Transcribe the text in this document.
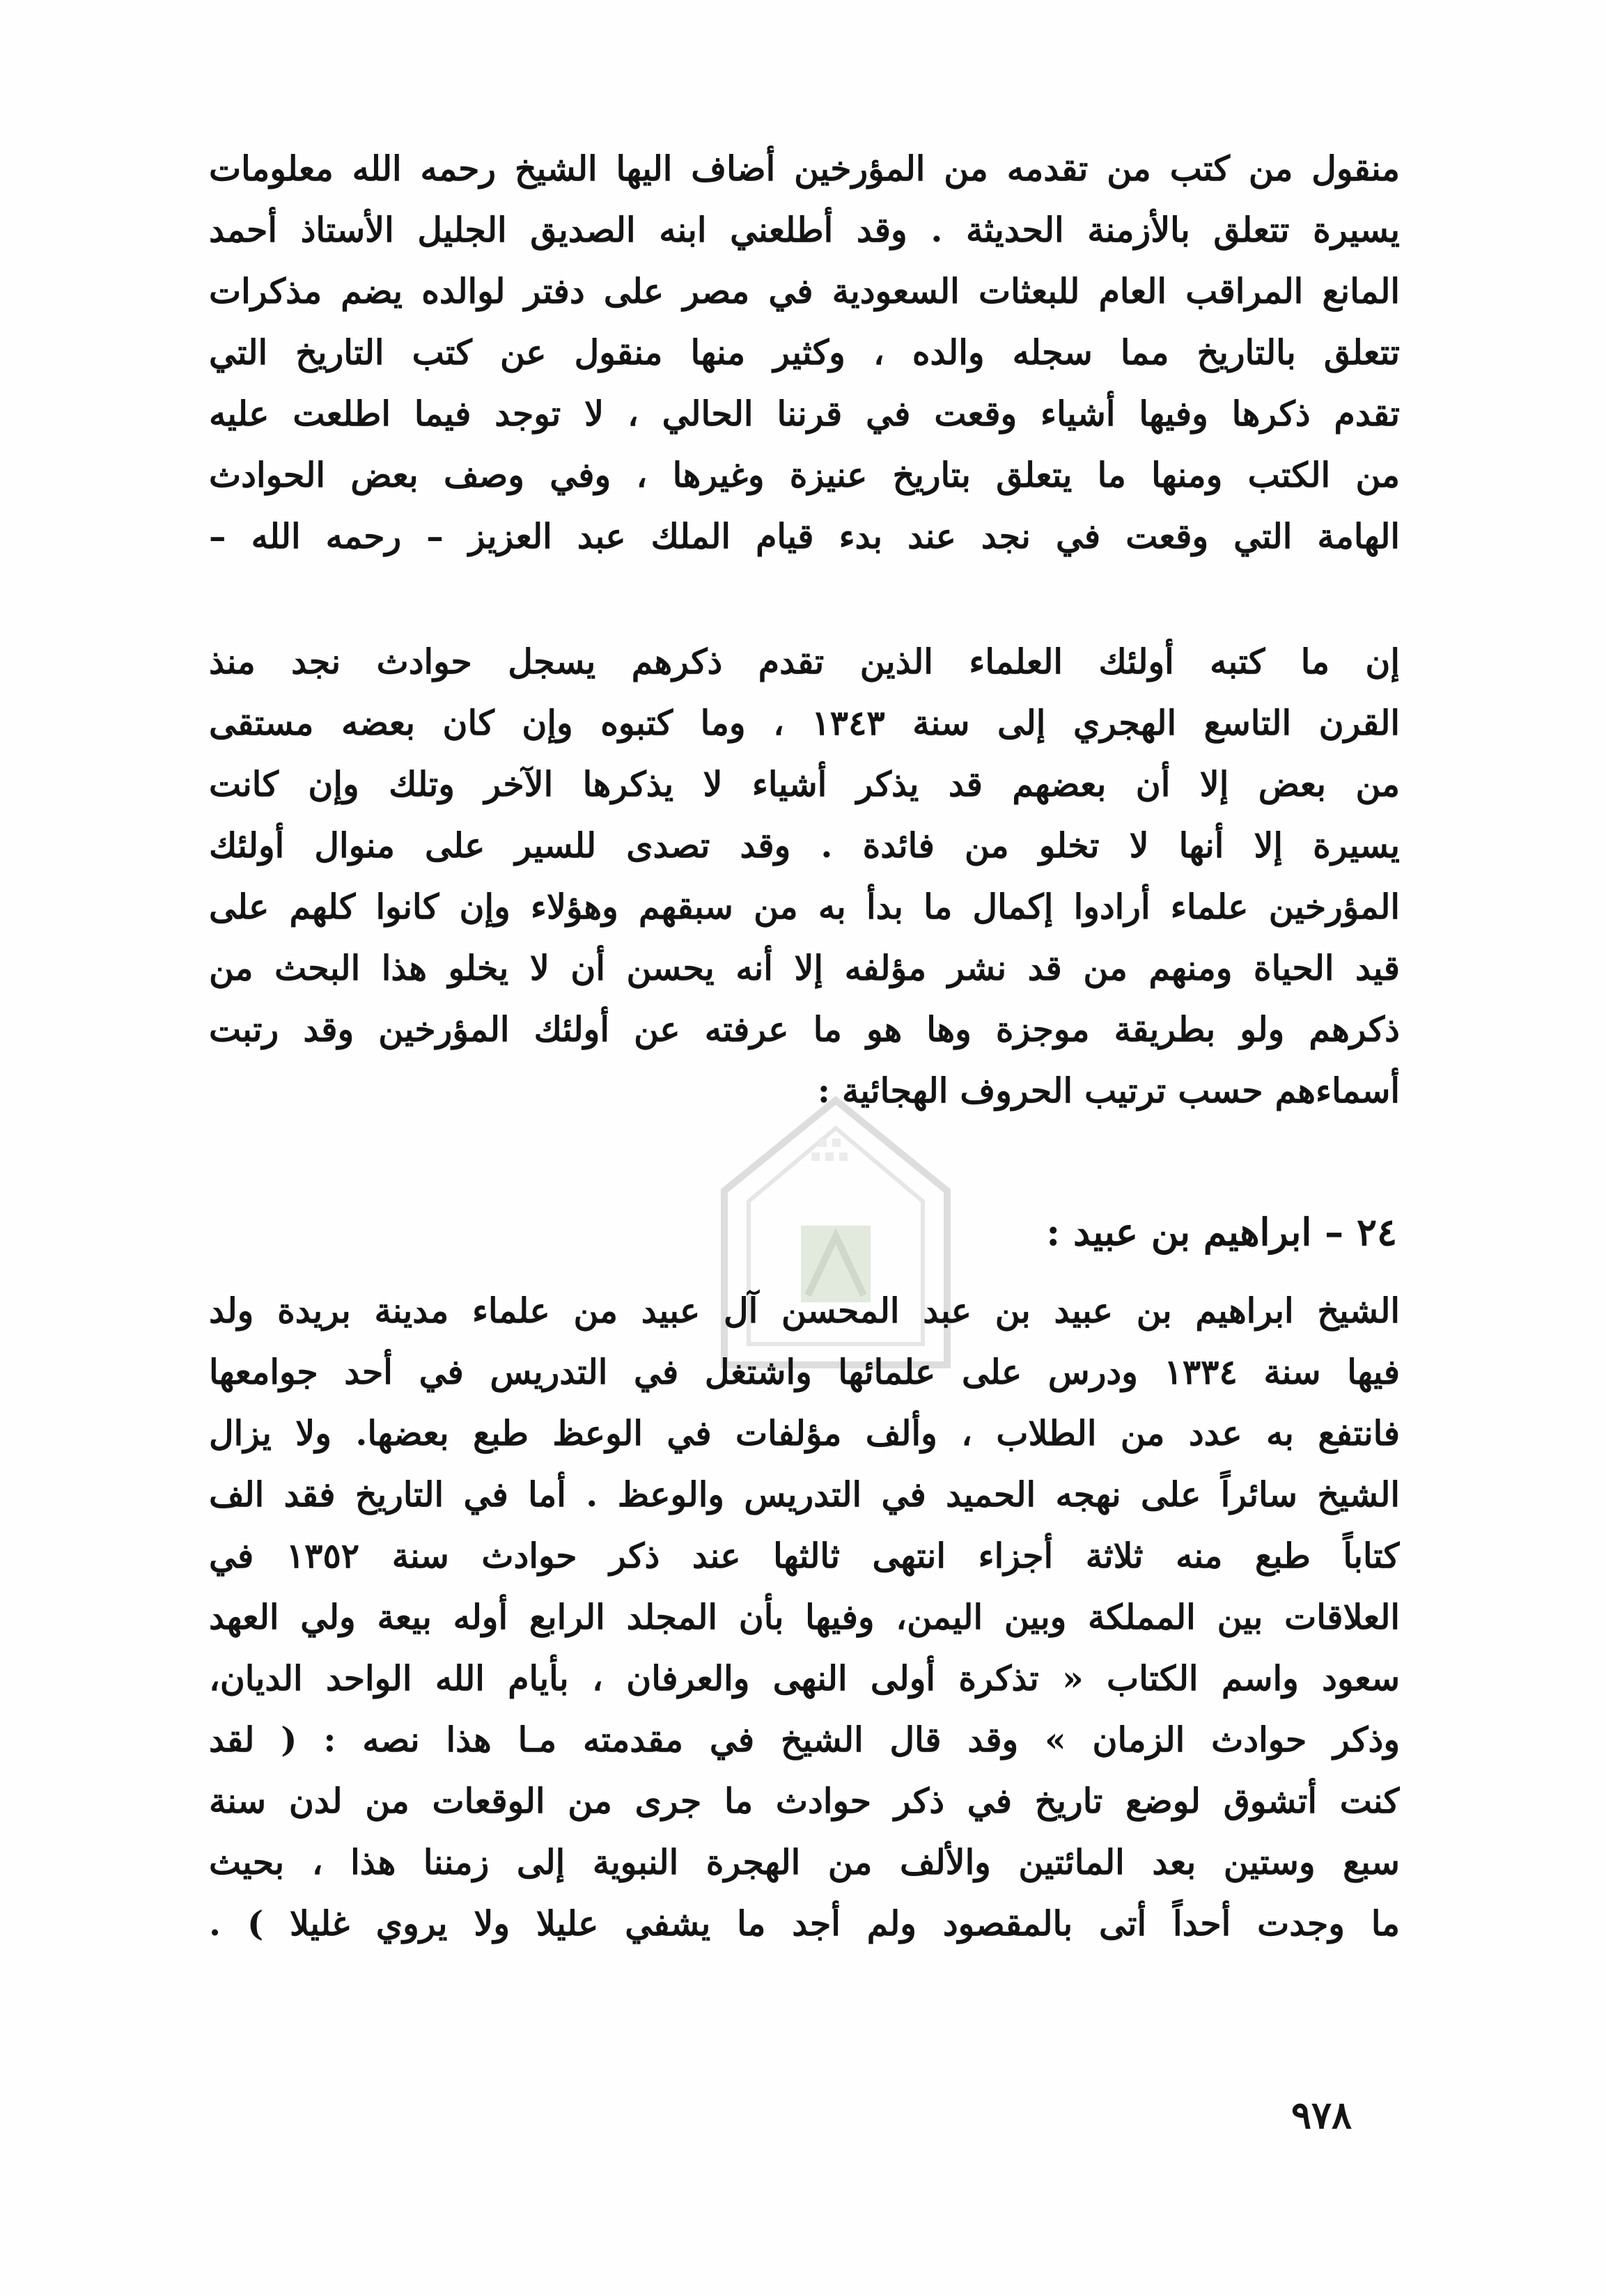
منقول من كتب من تقدمه من المؤرخين أضاف اليها الشيخ رحمه الله معلومات
يسيرة تتعلق بالأزمنة الحديثة . وقد أطلعني ابنه الصديق الجليل الأستاذ أحمد
المانع المراقب العام للبعثات السعودية في مصر على دفتر لوالده يضم مذكرات
تتعلق بالتاريخ مما سجله والده ، وكثير منها منقول عن كتب التاريخ التي
تقدم ذكرها وفيها أشياء وقعت في قرننا الحالي ، لا توجد فيما اطلعت عليه
من الكتب ومنها ما يتعلق بتاريخ عنيزة وغيرها ، وفي وصف بعض الحوادث
الهامة التي وقعت في نجد عند بدء قيام الملك عبد العزيز – رحمه الله –
إن ما كتبه أولئك العلماء الذين تقدم ذكرهم يسجل حوادث نجد منذ
القرن التاسع الهجري إلى سنة ١٣٤٣ ، وما كتبوه وإن كان بعضه مستقى
من بعض إلا أن بعضهم قد يذكر أشياء لا يذكرها الآخر وتلك وإن كانت
يسيرة إلا أنها لا تخلو من فائدة . وقد تصدى للسير على منوال أولئك
المؤرخين علماء أرادوا إكمال ما بدأ به من سبقهم وهؤلاء وإن كانوا كلهم على
قيد الحياة ومنهم من قد نشر مؤلفه إلا أنه يحسن أن لا يخلو هذا البحث من
ذكرهم ولو بطريقة موجزة وها هو ما عرفته عن أولئك المؤرخين وقد رتبت
أسماءهم حسب ترتيب الحروف الهجائية :
٢٤ – ابراهيم بن عبيد :
الشيخ ابراهيم بن عبيد بن عبد المحسن آل عبيد من علماء مدينة بريدة ولد
فيها سنة ١٣٣٤ ودرس على علمائها واشتغل في التدريس في أحد جوامعها
فانتفع به عدد من الطلاب ، وألف مؤلفات في الوعظ طبع بعضها. ولا يزال
الشيخ سائراً على نهجه الحميد في التدريس والوعظ . أما في التاريخ فقد الف
كتاباً طبع منه ثلاثة أجزاء انتهى ثالثها عند ذكر حوادث سنة ١٣٥٢ في
العلاقات بين المملكة وبين اليمن، وفيها بأن المجلد الرابع أوله بيعة ولي العهد
سعود واسم الكتاب « تذكرة أولى النهى والعرفان ، بأيام الله الواحد الديان،
وذكر حوادث الزمان » وقد قال الشيخ في مقدمته مـا هذا نصه : ( لقد
كنت أتشوق لوضع تاريخ في ذكر حوادث ما جرى من الوقعات من لدن سنة
سبع وستين بعد المائتين والألف من الهجرة النبوية إلى زمننا هذا ، بحيث
ما وجدت أحداً أتى بالمقصود ولم أجد ما يشفي عليلا ولا يروي غليلا ) .
٩٧٨
